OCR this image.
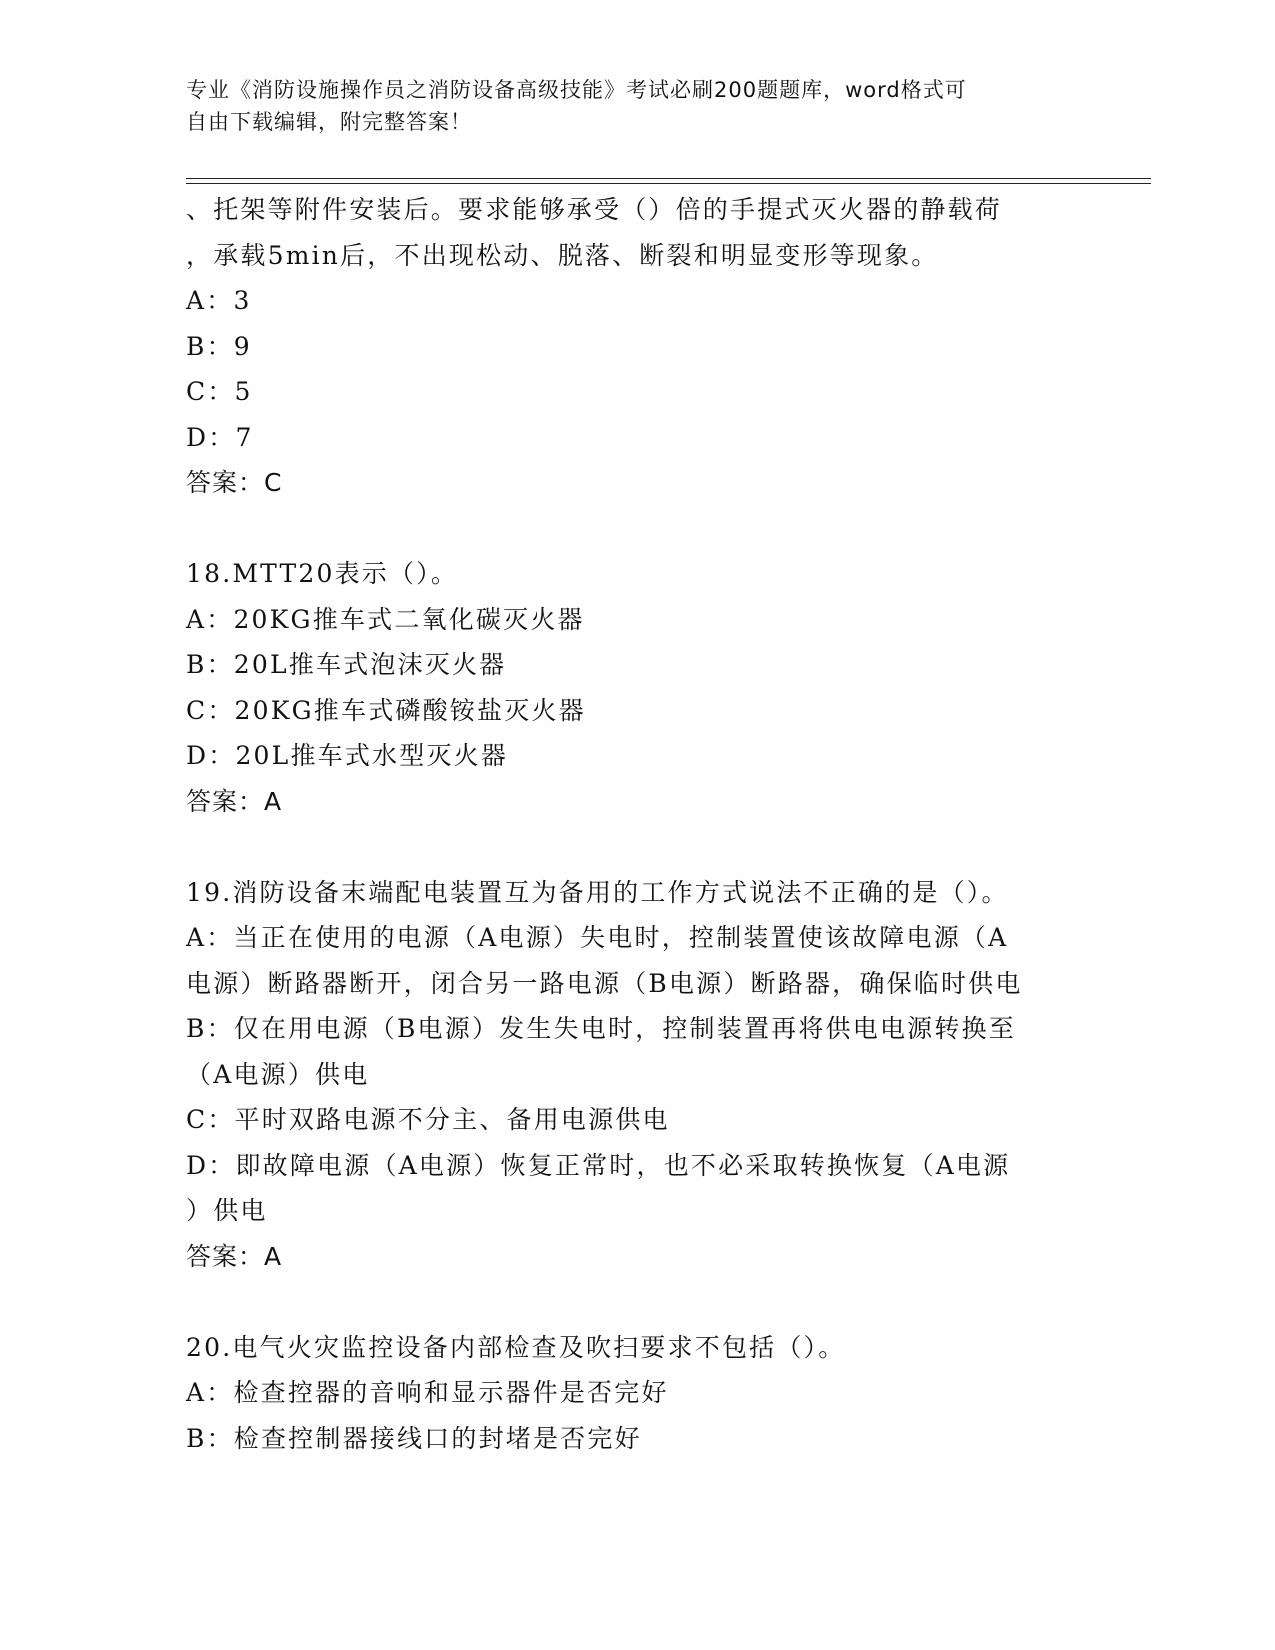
专业《消防设施操作员之消防设备高级技能》考试必刷200题题库，word格式可
自由下载编辑，附完整答案！
、托架等附件安装后。要求能够承受（）倍的手提式灭火器的静载荷
，承载5min后，不出现松动、脱落、断裂和明显变形等现象。
A：3
B：9
C：5
D：7
答案：C
18.MTT20表示（）。
A：20KG推车式二氧化碳灭火器
B：20L推车式泡沫灭火器
C：20KG推车式磷酸铵盐灭火器
D：20L推车式水型灭火器
答案：A
19.消防设备末端配电装置互为备用的工作方式说法不正确的是（）。
A：当正在使用的电源（A电源）失电时，控制装置使该故障电源（A
电源）断路器断开，闭合另一路电源（B电源）断路器，确保临时供电
B：仅在用电源（B电源）发生失电时，控制装置再将供电电源转换至
（A电源）供电
C：平时双路电源不分主、备用电源供电
D：即故障电源（A电源）恢复正常时，也不必采取转换恢复（A电源
）供电
答案：A
20.电气火灾监控设备内部检查及吹扫要求不包括（）。
A：检查控器的音响和显示器件是否完好
B：检查控制器接线口的封堵是否完好
